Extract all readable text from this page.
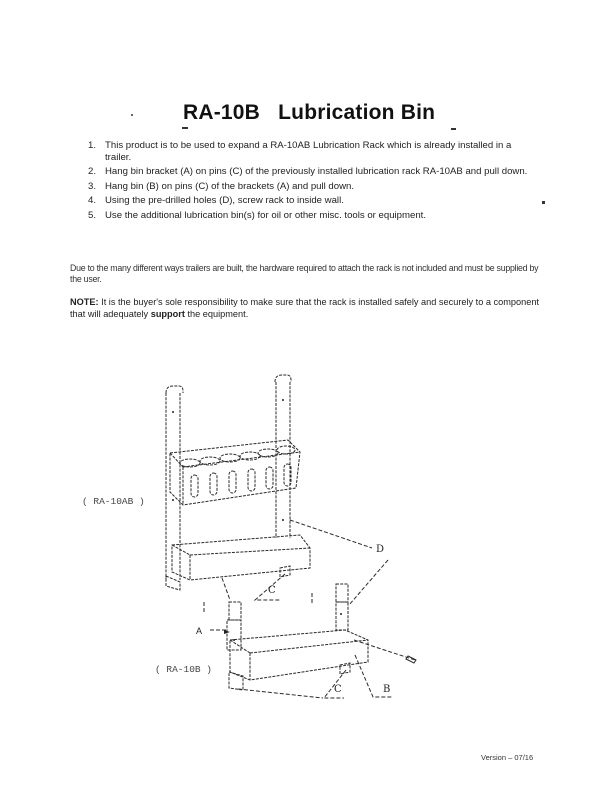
RA-10B   Lubrication Bin
1. This product is to be used to expand a RA-10AB Lubrication Rack which is already installed in a trailer.
2. Hang bin bracket (A) on pins (C) of the previously installed lubrication rack RA-10AB and pull down.
3. Hang bin (B) on pins (C) of the brackets (A) and pull down.
4. Using the pre-drilled holes (D), screw rack to inside wall.
5. Use the additional lubrication bin(s) for oil or other misc. tools or equipment.
Due to the many different ways trailers are built, the hardware required to attach the rack is not included and must be supplied by the user.
NOTE: It is the buyer's sole responsibility to make sure that the rack is installed safely and securely to a component that will adequately support the equipment.
( RA-10AB )
( RA-10B )
D
C
A
C	B
Version – 07/16
